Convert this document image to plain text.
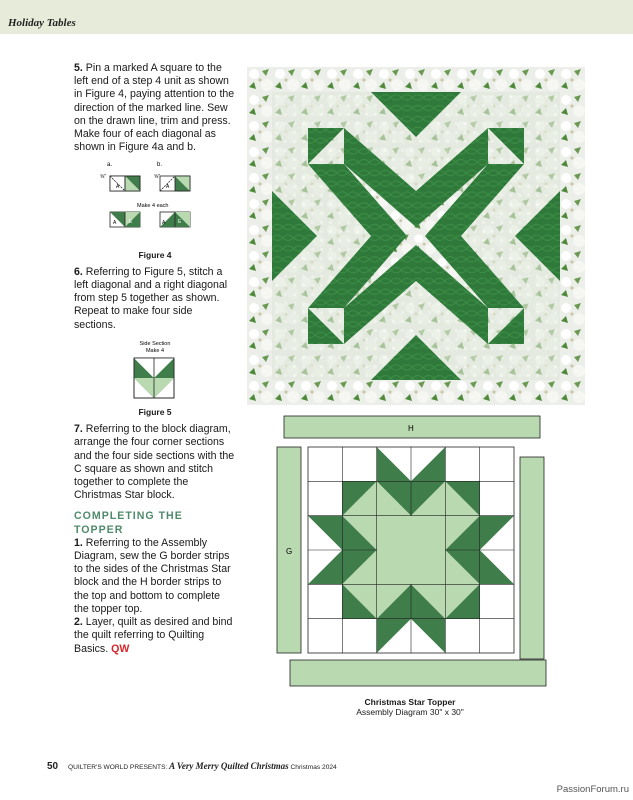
Holiday Tables

5. Pin a marked A square to the left end of a step 4 unit as shown in Figure 4, paying attention to the direction of the marked line. Sew on the drawn line, trim and press. Make four of each diagonal as shown in Figure 4a and b.

a.	b.
⅝"
A
⅝"
A
Make 4 each
A	E	A	E
Figure 4

6. Referring to Figure 5, stitch a left diagonal and a right diagonal from step 5 together as shown. Repeat to make four side sections.

Side Section
Make 4
Figure 5

7. Referring to the block diagram, arrange the four corner sections and the four side sections with the C square as shown and stitch together to complete the Christmas Star block.

COMPLETING THE TOPPER

1. Referring to the Assembly Diagram, sew the G border strips to the sides of the Christmas Star block and the H border strips to the top and bottom to complete the topper top.

2. Layer, quilt as desired and bind the quilt referring to Quilting Basics. QW

H
G
Christmas Star Topper
Assembly Diagram 30" x 30"
50 QUILTER'S WORLD PRESENTS: A Very Merry Quilted Christmas Christmas 2024
PassionForum.ru
